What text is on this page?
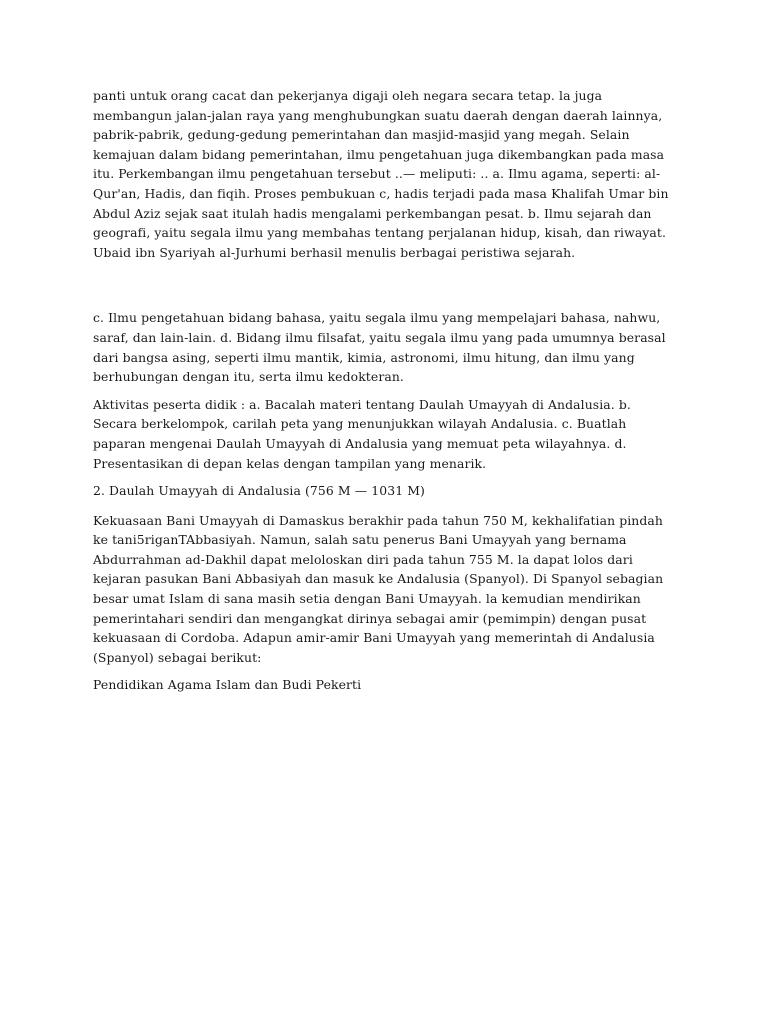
panti untuk orang cacat dan pekerjanya digaji oleh negara secara tetap. la juga membangun jalan-jalan raya yang menghubungkan suatu daerah dengan daerah lainnya, pabrik-pabrik, gedung-gedung pemerintahan dan masjid-masjid yang megah. Selain kemajuan dalam bidang pemerintahan, ilmu pengetahuan juga dikembangkan pada masa itu. Perkembangan ilmu pengetahuan tersebut ..— meliputi: .. a. Ilmu agama, seperti: al-Qur'an, Hadis, dan fiqih. Proses pembukuan c, hadis terjadi pada masa Khalifah Umar bin Abdul Aziz sejak saat itulah hadis mengalami perkembangan pesat. b. Ilmu sejarah dan geografi, yaitu segala ilmu yang membahas tentang perjalanan hidup, kisah, dan riwayat. Ubaid ibn Syariyah al-Jurhumi berhasil menulis berbagai peristiwa sejarah.

c. Ilmu pengetahuan bidang bahasa, yaitu segala ilmu yang mempelajari bahasa, nahwu, saraf, dan lain-lain. d. Bidang ilmu filsafat, yaitu segala ilmu yang pada umumnya berasal dari bangsa asing, seperti ilmu mantik, kimia, astronomi, ilmu hitung, dan ilmu yang berhubungan dengan itu, serta ilmu kedokteran.

Aktivitas peserta didik : a. Bacalah materi tentang Daulah Umayyah di Andalusia. b. Secara berkelompok, carilah peta yang menunjukkan wilayah Andalusia. c. Buatlah paparan mengenai Daulah Umayyah di Andalusia yang memuat peta wilayahnya. d. Presentasikan di depan kelas dengan tampilan yang menarik.

2. Daulah Umayyah di Andalusia (756 M — 1031 M)

Kekuasaan Bani Umayyah di Damaskus berakhir pada tahun 750 M, kekhalifatian pindah ke tani5riganTAbbasiyah. Namun, salah satu penerus Bani Umayyah yang bernama Abdurrahman ad-Dakhil dapat meloloskan diri pada tahun 755 M. la dapat lolos dari kejaran pasukan Bani Abbasiyah dan masuk ke Andalusia (Spanyol). Di Spanyol sebagian besar umat Islam di sana masih setia dengan Bani Umayyah. la kemudian mendirikan pemerintahari sendiri dan mengangkat dirinya sebagai amir (pemimpin) dengan pusat kekuasaan di Cordoba. Adapun amir-amir Bani Umayyah yang memerintah di Andalusia (Spanyol) sebagai berikut:

Pendidikan Agama Islam dan Budi Pekerti
